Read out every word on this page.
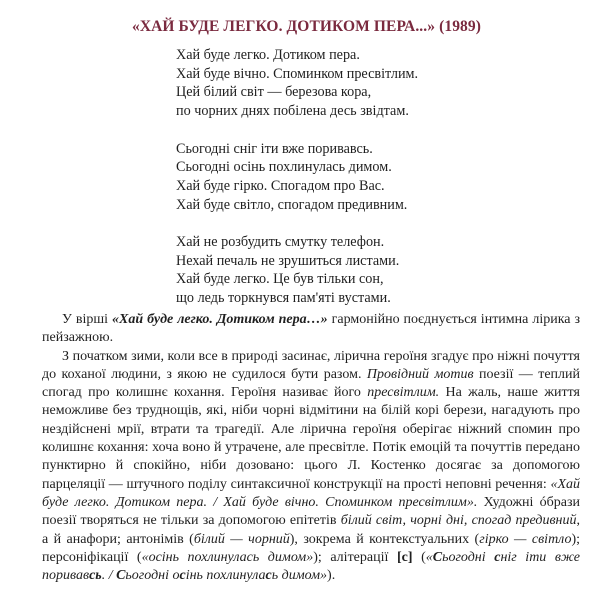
«ХАЙ БУДЕ ЛЕГКО. ДОТИКОМ ПЕРА...» (1989)
Хай буде легко. Дотиком пера.
Хай буде вічно. Споминком пресвітлим.
Цей білий світ — березова кора,
по чорних днях побілена десь звідтам.
Сьогодні сніг іти вже поривавсь.
Сьогодні осінь похлинулась димом.
Хай буде гірко. Спогадом про Вас.
Хай буде світло, спогадом предивним.
Хай не розбудить смутку телефон.
Нехай печаль не зрушиться листами.
Хай буде легко. Це був тільки сон,
що ледь торкнувся пам'яті вустами.

У вірші «Хай буде легко. Дотиком пера…» гармонійно поєднується інтимна лірика з пейзажною.

З початком зими, коли все в природі засинає, лірична героїня згадує про ніжні почуття до коханої людини, з якою не судилося бути разом. Провідний мотив поезії — теплий спогад про колишнє кохання. Героїня називає його пресвітлим. На жаль, наше життя неможливе без труднощів, які, ніби чорні відмітини на білій корі берези, нагадують про нездійснені мрії, втрати та трагедії. Але лірична героїня оберігає ніжний спомин про колишнє кохання: хоча воно й утрачене, але пресвітле. Потік емоцій та почуттів передано пунктирно й спокійно, ніби дозовано: цього Л. Костенко досягає за допомогою парцеляції — штучного поділу синтаксичної конструкції на прості неповні речення: «Хай буде легко. Дотиком пера. / Хай буде вічно. Споминком пресвітлим». Художні óбрази поезії творяться не тільки за допомогою епітетів білий світ, чорні дні, спогад предивний, а й анафори; антонімів (білий — чорний), зокрема й контекстуальних (гірко — світло); персоніфікації («осінь похлинулась димом»); алітерації [с] («Сьогодні сніг іти вже поривавсь. / Сьогодні осінь похлинулась димом»).
